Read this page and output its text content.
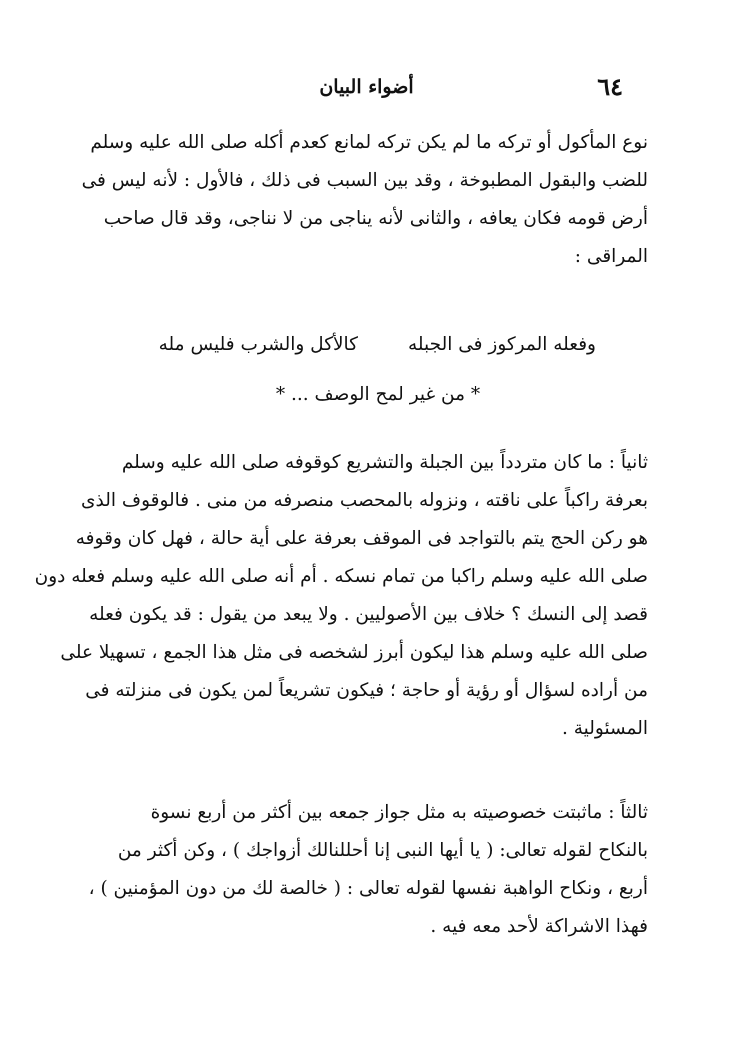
٦٤
أضواء البيان
نوع المأكول أو تركه ما لم يكن تركه لمانع كعدم أكله صلى الله عليه وسلم
للضب والبقول المطبوخة ، وقد بين السبب فى ذلك ، فالأول : لأنه ليس فى
أرض قومه فكان يعافه ، والثانى لأنه يناجى من لا نناجى، وقد قال صاحب
المراقى :
وفعله المركوز فى الجبله
كالأكل والشرب فليس مله
* من غير لمح الوصف ... *
ثانياً : ما كان متردداً بين الجبلة والتشريع كوقوفه صلى الله عليه وسلم
بعرفة راكباً على ناقته ، ونزوله بالمحصب منصرفه من منى . فالوقوف الذى
هو ركن الحج يتم بالتواجد فى الموقف بعرفة على أية حالة ، فهل كان وقوفه
صلى الله عليه وسلم راكبا من تمام نسكه . أم أنه صلى الله عليه وسلم فعله دون
قصد إلى النسك ؟ خلاف بين الأصوليين . ولا يبعد من يقول : قد يكون فعله
صلى الله عليه وسلم هذا ليكون أبرز لشخصه فى مثل هذا الجمع ، تسهيلا على
من أراده لسؤال أو رؤية أو حاجة ؛ فيكون تشريعاً لمن يكون فى منزلته فى
المسئولية .
ثالثاً : ماثبتت خصوصيته به مثل جواز جمعه بين أكثر من أربع نسوة
بالنكاح لقوله تعالى: ( يا أيها النبى إنا أحللنالك أزواجك ) ، وكن أكثر من
أربع ، ونكاح الواهبة نفسها لقوله تعالى : ( خالصة لك من دون المؤمنين ) ،
فهذا الاشراكة لأحد معه فيه .
